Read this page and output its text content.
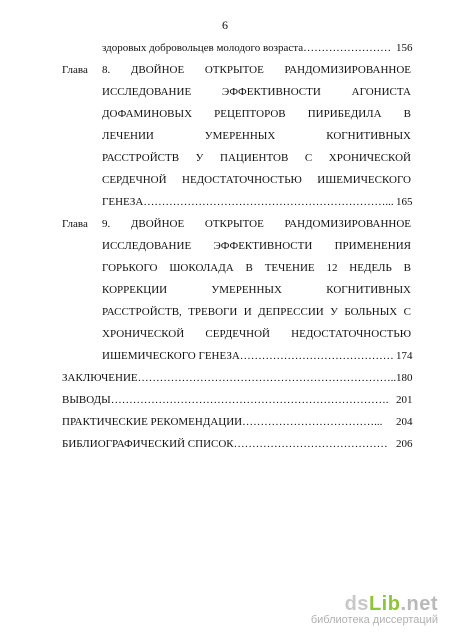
6
здоровых добровольцев молодого возраста…………………… 156
Глава 8. ДВОЙНОЕ ОТКРЫТОЕ РАНДОМИЗИРОВАННОЕ
ИССЛЕДОВАНИЕ ЭФФЕКТИВНОСТИ АГОНИСТА
ДОФАМИНОВЫХ РЕЦЕПТОРОВ ПИРИБЕДИЛА В
ЛЕЧЕНИИ УМЕРЕННЫХ КОГНИТИВНЫХ
РАССТРОЙСТВ У ПАЦИЕНТОВ С ХРОНИЧЕСКОЙ
СЕРДЕЧНОЙ НЕДОСТАТОЧНОСТЬЮ ИШЕМИЧЕСКОГО
ГЕНЕЗА…………………………………………………………... 165
Глава 9. ДВОЙНОЕ ОТКРЫТОЕ РАНДОМИЗИРОВАННОЕ
ИССЛЕДОВАНИЕ ЭФФЕКТИВНОСТИ ПРИМЕНЕНИЯ
ГОРЬКОГО ШОКОЛАДА В ТЕЧЕНИЕ 12 НЕДЕЛЬ В
КОРРЕКЦИИ УМЕРЕННЫХ КОГНИТИВНЫХ
РАССТРОЙСТВ, ТРЕВОГИ И ДЕПРЕССИИ У БОЛЬНЫХ С
ХРОНИЧЕСКОЙ СЕРДЕЧНОЙ НЕДОСТАТОЧНОСТЬЮ
ИШЕМИЧЕСКОГО ГЕНЕЗА…………………………………… 174
ЗАКЛЮЧЕНИЕ…………………………………………………………….. 180
ВЫВОДЫ…………………………………………………………………. 201
ПРАКТИЧЕСКИЕ РЕКОМЕНДАЦИИ………………………………...	204
БИБЛИОГРАФИЧЕСКИЙ СПИСОК…………………………………… 206
dsLib.net
библиотека диссертаций
